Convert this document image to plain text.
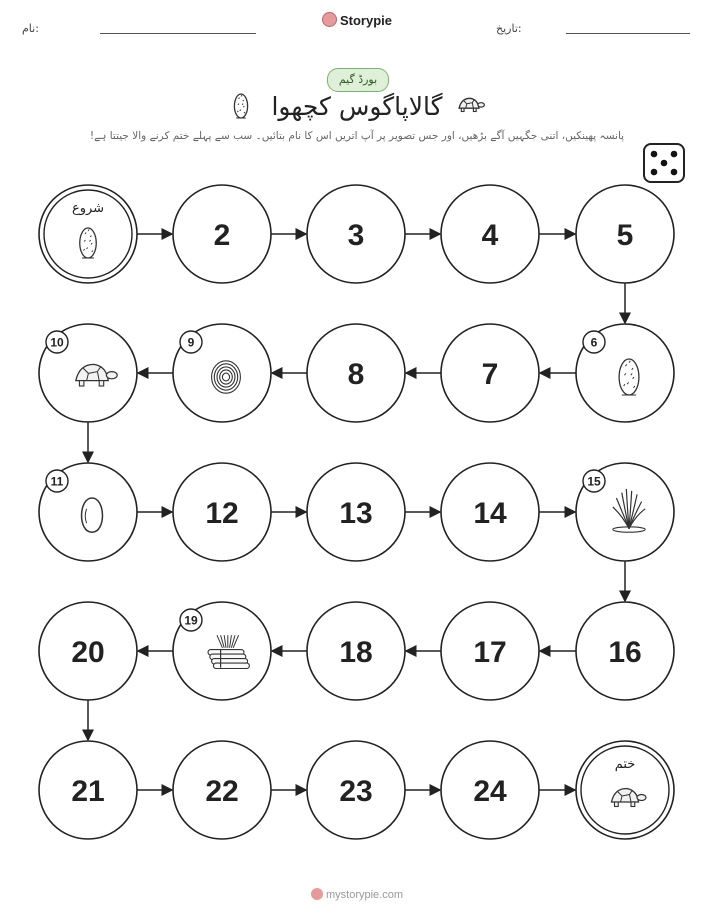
نام:
Storypie
تاریخ:
بورڈ گیم
گالاپاگوس کچھوا
پانسہ پھینکیں، اتنی جگہیں آگے بڑھیں، اور جس تصویر پر آپ اتریں اس کا نام بتائیں۔ سب سے پہلے ختم کرنے والا جیتتا ہے!
شروع
2	3	4	5
6
7
8
9
10
11
12	13	14
15
16
17
18
19
20
21	22	23	24
ختم
mystorypie.com
